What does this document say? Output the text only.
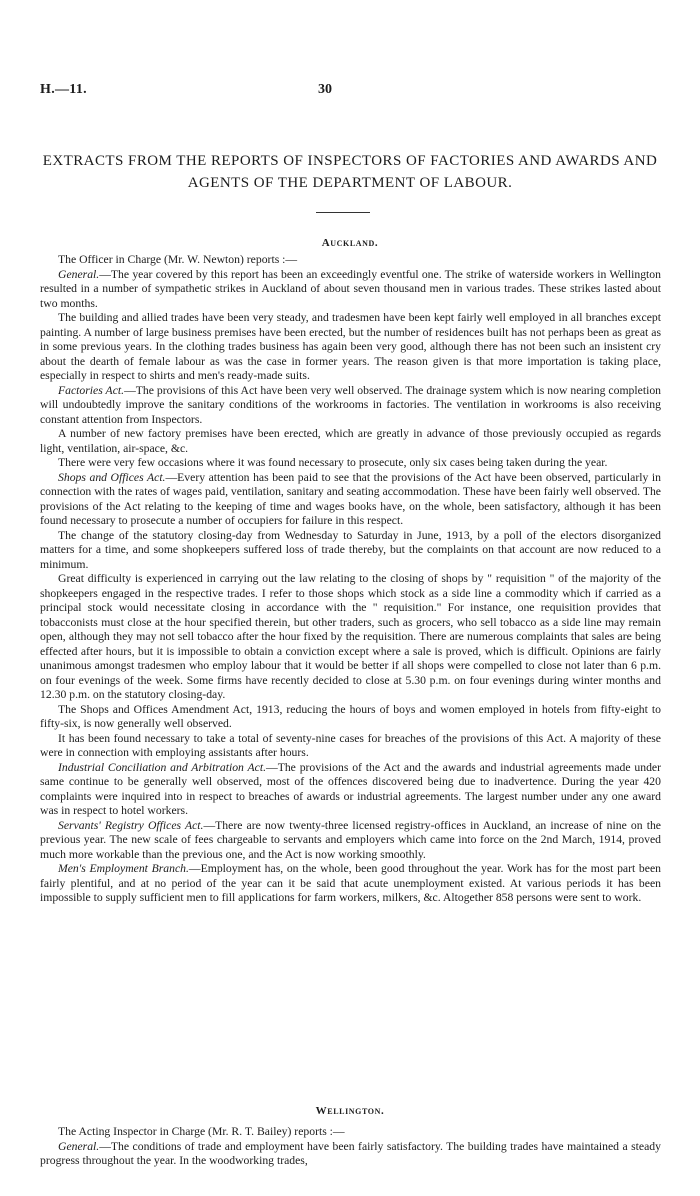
H.—11.	30
EXTRACTS FROM THE REPORTS OF INSPECTORS OF FACTORIES AND AWARDS AND AGENTS OF THE DEPARTMENT OF LABOUR.
Auckland.

The Officer in Charge (Mr. W. Newton) reports :—

General.—The year covered by this report has been an exceedingly eventful one. The strike of waterside workers in Wellington resulted in a number of sympathetic strikes in Auckland of about seven thousand men in various trades. These strikes lasted about two months.

The building and allied trades have been very steady, and tradesmen have been kept fairly well employed in all branches except painting. A number of large business premises have been erected, but the number of residences built has not perhaps been as great as in some previous years. In the clothing trades business has again been very good, although there has not been such an insistent cry about the dearth of female labour as was the case in former years. The reason given is that more importation is taking place, especially in respect to shirts and men's ready-made suits.

Factories Act.—The provisions of this Act have been very well observed. The drainage system which is now nearing completion will undoubtedly improve the sanitary conditions of the workrooms in factories. The ventilation in workrooms is also receiving constant attention from Inspectors.

A number of new factory premises have been erected, which are greatly in advance of those previously occupied as regards light, ventilation, air-space, &c.

There were very few occasions where it was found necessary to prosecute, only six cases being taken during the year.

Shops and Offices Act.—Every attention has been paid to see that the provisions of the Act have been observed, particularly in connection with the rates of wages paid, ventilation, sanitary and seating accommodation. These have been fairly well observed. The provisions of the Act relating to the keeping of time and wages books have, on the whole, been satisfactory, although it has been found necessary to prosecute a number of occupiers for failure in this respect.

The change of the statutory closing-day from Wednesday to Saturday in June, 1913, by a poll of the electors disorganized matters for a time, and some shopkeepers suffered loss of trade thereby, but the complaints on that account are now reduced to a minimum.

Great difficulty is experienced in carrying out the law relating to the closing of shops by " requisition " of the majority of the shopkeepers engaged in the respective trades. I refer to those shops which stock as a side line a commodity which if carried as a principal stock would necessitate closing in accordance with the " requisition." For instance, one requisition provides that tobacconists must close at the hour specified therein, but other traders, such as grocers, who sell tobacco as a side line may remain open, although they may not sell tobacco after the hour fixed by the requisition. There are numerous complaints that sales are being effected after hours, but it is impossible to obtain a conviction except where a sale is proved, which is difficult. Opinions are fairly unanimous amongst tradesmen who employ labour that it would be better if all shops were compelled to close not later than 6 p.m. on four evenings of the week. Some firms have recently decided to close at 5.30 p.m. on four evenings during winter months and 12.30 p.m. on the statutory closing-day.

The Shops and Offices Amendment Act, 1913, reducing the hours of boys and women employed in hotels from fifty-eight to fifty-six, is now generally well observed.

It has been found necessary to take a total of seventy-nine cases for breaches of the provisions of this Act. A majority of these were in connection with employing assistants after hours.

Industrial Conciliation and Arbitration Act.—The provisions of the Act and the awards and industrial agreements made under same continue to be generally well observed, most of the offences discovered being due to inadvertence. During the year 420 complaints were inquired into in respect to breaches of awards or industrial agreements. The largest number under any one award was in respect to hotel workers.

Servants' Registry Offices Act.—There are now twenty-three licensed registry-offices in Auckland, an increase of nine on the previous year. The new scale of fees chargeable to servants and employers which came into force on the 2nd March, 1914, proved much more workable than the previous one, and the Act is now working smoothly.

Men's Employment Branch.—Employment has, on the whole, been good throughout the year. Work has for the most part been fairly plentiful, and at no period of the year can it be said that acute unemployment existed. At various periods it has been impossible to supply sufficient men to fill applications for farm workers, milkers, &c. Altogether 858 persons were sent to work.

Wellington.

The Acting Inspector in Charge (Mr. R. T. Bailey) reports :—

General.—The conditions of trade and employment have been fairly satisfactory. The building trades have maintained a steady progress throughout the year. In the woodworking trades,
